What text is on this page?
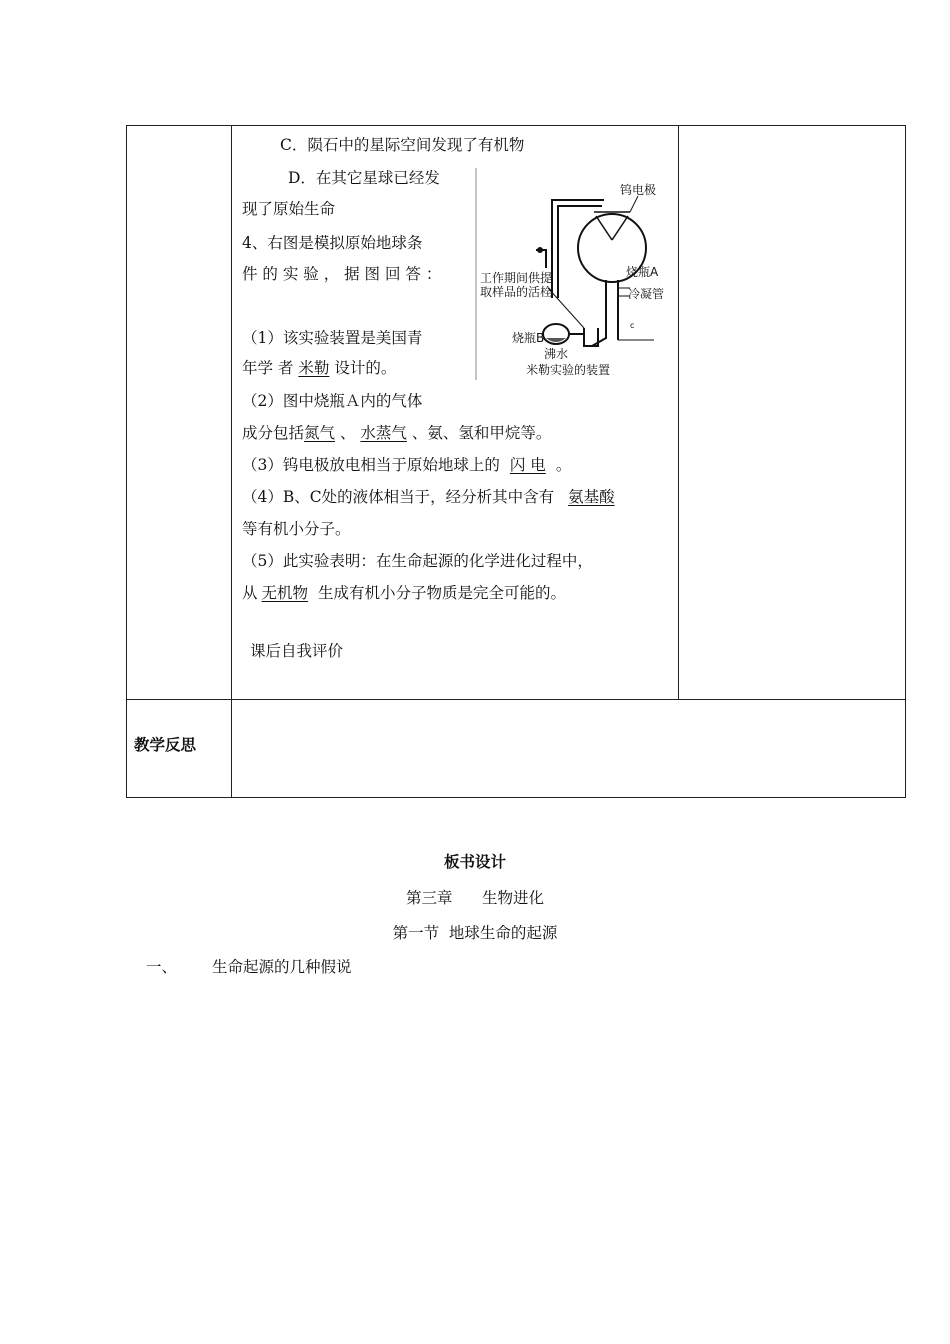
C．陨石中的星际空间发现了有机物
D．在其它星球已经发
现了原始生命
4、右图是模拟原始地球条
件 的 实 验 ， 据 图 回 答 ：
（1）该实验装置是美国青
年学 者 米勒 设计的。
（2）图中烧瓶Ａ内的气体
成分包括氮气 、 水蒸气 、氨、氢和甲烷等。
（3）钨电极放电相当于原始地球上的 闪 电 。
（4）B、C处的液体相当于，经分析其中含有 氨基酸
等有机小分子。
（5）此实验表明：在生命起源的化学进化过程中，
从 无机物 生成有机小分子物质是完全可能的。
课后自我评价
教学反思
钨电极
烧瓶A
工作期间供提
取样品的活栓	冷凝管
烧瓶B
c
沸水
米勒实验的装置
板书设计
第三章      生物进化
第一节  地球生命的起源
一、 生命起源的几种假说
